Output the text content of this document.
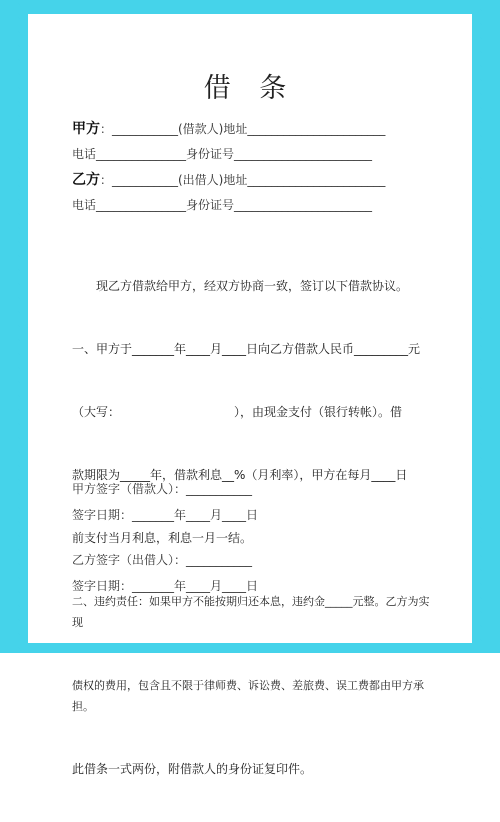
借 条
甲方：___________(借款人)地址_______________________
电话_______________身份证号_______________________
乙方：___________(出借人)地址_______________________
电话_______________身份证号_______________________

　　现乙方借款给甲方，经双方协商一致，签订以下借款协议。

一、甲方于_______年____月____日向乙方借款人民币_________元

（大写：　　　　　　　　　　），由现金支付（银行转帐）。借

款期限为_____年，借款利息__%（月利率），甲方在每月____日

前支付当月利息，利息一月一结。

二、违约责任：如果甲方不能按期归还本息，违约金_____元整。乙方为实现

债权的费用，包含且不限于律师费、诉讼费、差旅费、误工费都由甲方承担。

此借条一式两份，附借款人的身份证复印件。

甲方签字（借款人）：___________
签字日期：_______年____月____日
乙方签字（出借人）：___________
签字日期：_______年____月____日
